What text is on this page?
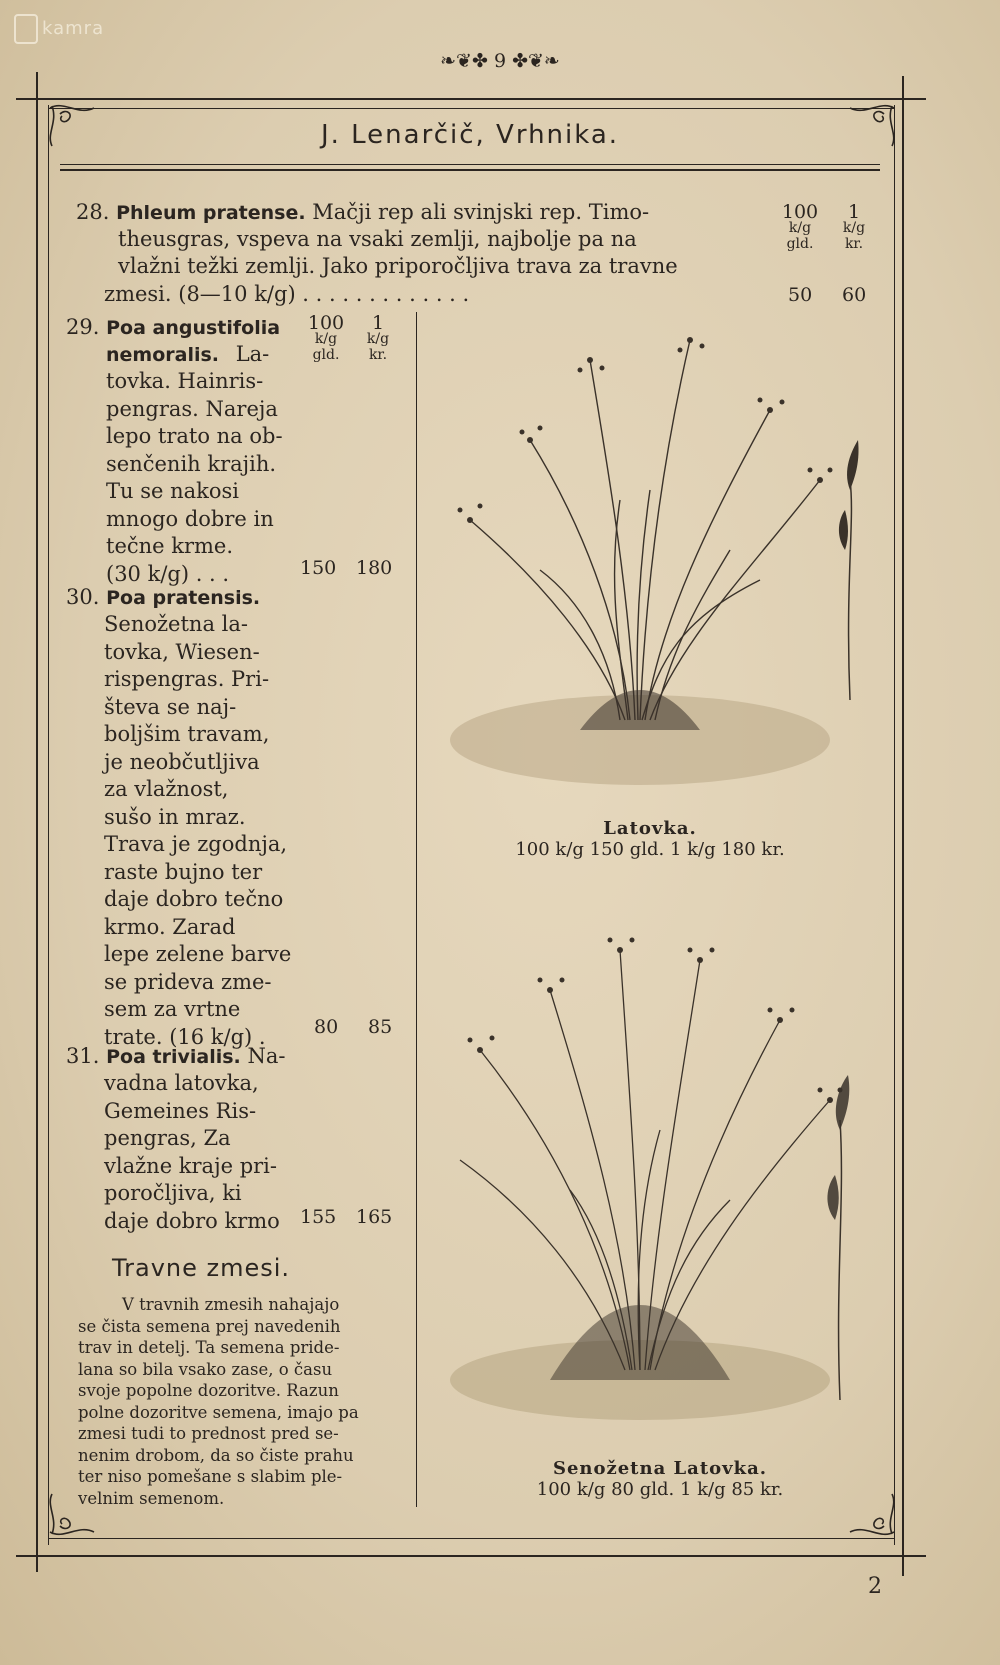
kamra
❧❦✤ 9 ✤❦❧
J. Lenarčič, Vrhnika.
28. Phleum pratense. Mačji rep ali svinjski rep. Timo-
theusgras, vspeva na vsaki zemlji, najbolje pa na
vlažni težki zemlji. Jako priporočljiva trava za travne
zmesi. (8—10 k/g) . . . . . . . . . . . . .
100
k/g
gld.
1
k/g
kr.
50 60
29. Poa angustifolia
nemoralis. La-
tovka. Hainris-
pengras. Nareja
lepo trato na ob-
senčenih krajih.
Tu se nakosi
mnogo dobre in
tečne krme.
(30 k/g) . . .
100
k/g
gld.
1
k/g
kr.
150 180
30. Poa pratensis.
Senožetna la-
tovka, Wiesen-
rispengras. Pri-
števa se naj-
boljšim travam,
je neobčutljiva
za vlažnost,
sušo in mraz.
Trava je zgodnja,
raste bujno ter
daje dobro tečno
krmo. Zarad
lepe zelene barve
se prideva zme-
sem za vrtne
trate. (16 k/g) .	80 85
31. Poa trivialis. Na-
vadna latovka,
Gemeines Ris-
pengras, Za
vlažne kraje pri-
poročljiva, ki
daje dobro krmo 155 165
Travne zmesi.
V travnih zmesih nahajajo
se čista semena prej navedenih
trav in detelj. Ta semena pride-
lana so bila vsako zase, o času
svoje popolne dozoritve. Razun
polne dozoritve semena, imajo pa
zmesi tudi to prednost pred se-
nenim drobom, da so čiste prahu
ter niso pomešane s slabim ple-
velnim semenom.
Latovka.
100 k/g 150 gld. 1 k/g 180 kr.
Senožetna Latovka.
100 k/g 80 gld. 1 k/g 85 kr.
2
